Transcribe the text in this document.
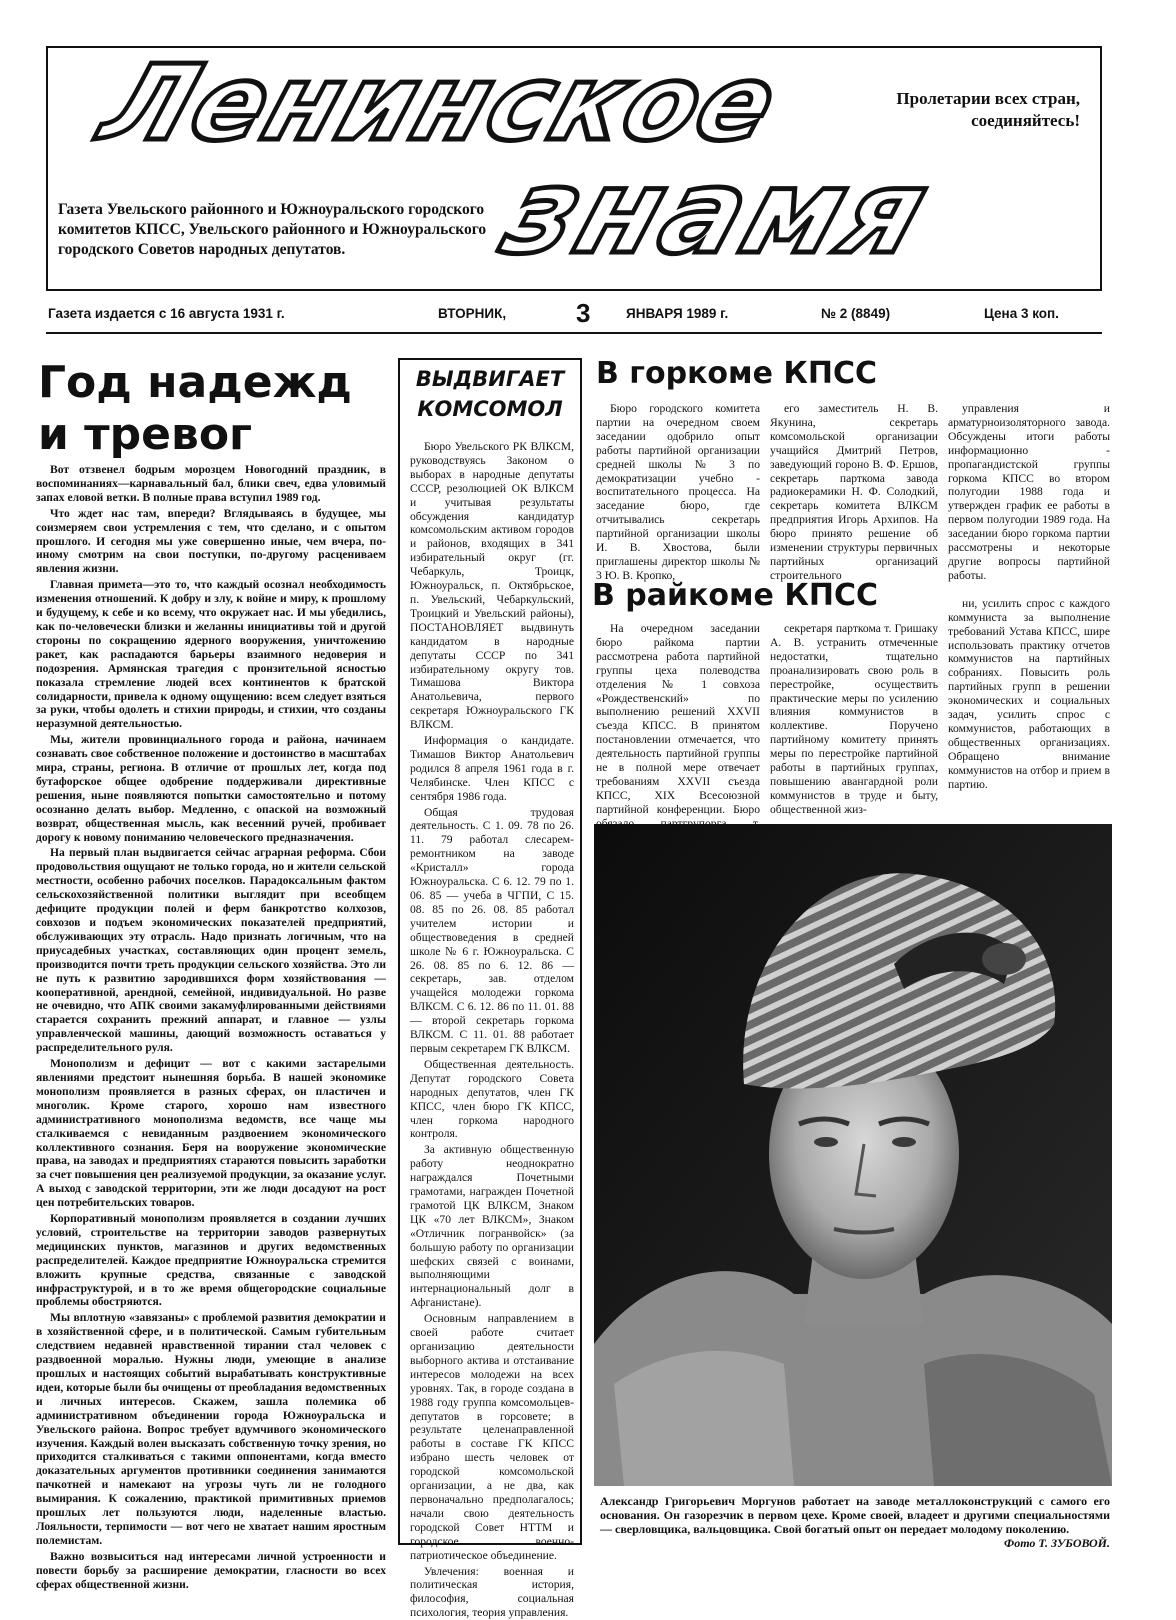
Ленинское
знамя
Пролетарии всех стран, соединяйтесь!
Газета Увельского районного и Южноуральского городского комитетов КПСС, Увельского районного и Южноуральского городского Советов народных депутатов.
Газета издается с 16 августа 1931 г.	ВТОРНИК,	3	ЯНВАРЯ 1989 г.	№ 2 (8849)	Цена 3 коп.
Год надежд и тревог

Вот отзвенел бодрым морозцем Новогодний праздник, в воспоминаниях—карнавальный бал, блики свеч, едва уловимый запах еловой ветки. В полные права вступил 1989 год.

Что ждет нас там, впереди? Вглядываясь в будущее, мы соизмеряем свои устремления с тем, что сделано, и с опытом прошлого. И сегодня мы уже совершенно иные, чем вчера, по-иному смотрим на свои поступки, по-другому расцениваем явления жизни.

Главная примета—это то, что каждый осознал необходимость изменения отношений. К добру и злу, к войне и миру, к прошлому и будущему, к себе и ко всему, что окружает нас. И мы убедились, как по-человечески близки и желанны инициативы той и другой стороны по сокращению ядерного вооружения, уничтожению ракет, как распадаются барьеры взаимного недоверия и подозрения. Армянская трагедия с пронзительной ясностью показала стремление людей всех континентов к братской солидарности, привела к одному ощущению: всем следует взяться за руки, чтобы одолеть и стихии природы, и стихии, что созданы неразумной деятельностью.

Мы, жители провинциального города и района, начинаем сознавать свое собственное положение и достоинство в масштабах мира, страны, региона. В отличие от прошлых лет, когда под бутафорское общее одобрение поддерживали директивные решения, ныне появляются попытки самостоятельно и потому осознанно делать выбор. Медленно, с опаской на возможный возврат, общественная мысль, как весенний ручей, пробивает дорогу к новому пониманию человеческого предназначения.

На первый план выдвигается сейчас аграрная реформа. Сбои продовольствия ощущают не только города, но и жители сельской местности, особенно рабочих поселков. Парадоксальным фактом сельскохозяйственной политики выглядит при всеобщем дефиците продукции полей и ферм банкротство колхозов, совхозов и подъем экономических показателей предприятий, обслуживающих эту отрасль. Надо признать логичным, что на приусадебных участках, составляющих один процент земель, производится почти треть продукции сельского хозяйства. Это ли не путь к развитию зародившихся форм хозяйствования — кооперативной, арендной, семейной, индивидуальной. Но разве не очевидно, что АПК своими закамуфлированными действиями старается сохранить прежний аппарат, и главное — узлы управленческой машины, дающий возможность оставаться у распределительного руля.

Монополизм и дефицит — вот с какими застарелыми явлениями предстоит нынешняя борьба. В нашей экономике монополизм проявляется в разных сферах, он пластичен и многолик. Кроме старого, хорошо нам известного административного монополизма ведомств, все чаще мы сталкиваемся с невиданным раздвоением экономического коллективного сознания. Беря на вооружение экономические права, на заводах и предприятиях стараются повысить заработки за счет повышения цен реализуемой продукции, за оказание услуг. А выход с заводской территории, эти же люди досадуют на рост цен потребительских товаров.

Корпоративный монополизм проявляется в создании лучших условий, строительстве на территории заводов развернутых медицинских пунктов, магазинов и других ведомственных распределителей. Каждое предприятие Южноуральска стремится вложить крупные средства, связанные с заводской инфраструктурой, и в то же время общегородские социальные проблемы обостряются.

Мы вплотную «завязаны» с проблемой развития демократии и в хозяйственной сфере, и в политической. Самым губительным следствием недавней нравственной тирании стал человек с раздвоенной моралью. Нужны люди, умеющие в анализе прошлых и настоящих событий вырабатывать конструктивные идеи, которые были бы очищены от преобладания ведомственных и личных интересов. Скажем, зашла полемика об административном объединении города Южноуральска и Увельского района. Вопрос требует вдумчивого экономического изучения. Каждый волен высказать собственную точку зрения, но приходится сталкиваться с такими оппонентами, когда вместо доказательных аргументов противники соединения занимаются пачкотней и намекают на угрозы чуть ли не голодного вымирания. К сожалению, практикой примитивных приемов прошлых лет пользуются люди, наделенные властью. Лояльности, терпимости — вот чего не хватает нашим яростным полемистам.

Важно возвыситься над интересами личной устроенности и повести борьбу за расширение демократии, гласности во всех сферах общественной жизни.

ВЫДВИГАЕТ КОМСОМОЛ

Бюро Увельского РК ВЛКСМ, руководствуясь Законом о выборах в народные депутаты СССР, резолюцией ОК ВЛКСМ и учитывая результаты обсуждения кандидатур комсомольским активом городов и районов, входящих в 341 избирательный округ (гг. Чебаркуль, Троицк, Южноуральск, п. Октябрьское, п. Увельский, Чебаркульский, Троицкий и Увельский районы), ПОСТАНОВЛЯЕТ выдвинуть кандидатом в народные депутаты СССР по 341 избирательному округу тов. Тимашова Виктора Анатольевича, первого секретаря Южноуральского ГК ВЛКСМ.

Информация о кандидате. Тимашов Виктор Анатольевич родился 8 апреля 1961 года в г. Челябинске. Член КПСС с сентября 1986 года.

Общая трудовая деятельность. С 1. 09. 78 по 26. 11. 79 работал слесарем-ремонтником на заводе «Кристалл» города Южноуральска. С 6. 12. 79 по 1. 06. 85 — учеба в ЧГПИ, С 15. 08. 85 по 26. 08. 85 работал учителем истории и обществоведения в средней школе № 6 г. Южноуральска. С 26. 08. 85 по 6. 12. 86 —секретарь, зав. отделом учащейся молодежи горкома ВЛКСМ. С 6. 12. 86 по 11. 01. 88— второй секретарь горкома ВЛКСМ. С 11. 01. 88 работает первым секретарем ГК ВЛКСМ.

Общественная деятельность. Депутат городского Совета народных депутатов, член ГК КПСС, член бюро ГК КПСС, член горкома народного контроля.

За активную общественную работу неоднократно награждался Почетными грамотами, награжден Почетной грамотой ЦК ВЛКСМ, Знаком ЦК «70 лет ВЛКСМ», Знаком «Отличник погранвойск» (за большую работу по организации шефских связей с воинами, выполняющими интернациональный долг в Афганистане).

Основным направлением в своей работе считает организацию деятельности выборного актива и отстаивание интересов молодежи на всех уровнях. Так, в городе создана в 1988 году группа комсомольцев-депутатов в горсовете; в результате целенаправленной работы в составе ГК КПСС избрано шесть человек от городской комсомольской организации, а не два, как первоначально предполагалось; начали свою деятельность городской Совет НТТМ и городское военно-патриотическое объединение.

Увлечения: военная и политическая история, философия, социальная психология, теория управления.

В горкоме КПСС

Бюро городского комитета партии на очередном своем заседании одобрило опыт работы партийной организации средней школы № 3 по демократизации учебно - воспитательного процесса. На заседание бюро, где отчитывались секретарь партийной организации школы И. В. Хвостова, были приглашены директор школы № 3 Ю. В. Кропко,

его заместитель Н. В. Якунина, секретарь комсомольской организации учащийся Дмитрий Петров, заведующий гороно В. Ф. Ершов, секретарь парткома завода радиокерамики Н. Ф. Солодкий, секретарь комитета ВЛКСМ предприятия Игорь Архипов. На бюро принято решение об изменении структуры первичных партийных организаций строительного

управления и арматурноизоляторного завода. Обсуждены итоги работы информационно - пропагандистской группы горкома КПСС во втором полугодии 1988 года и утвержден график ее работы в первом полугодии 1989 года. На заседании бюро горкома партии рассмотрены и некоторые другие вопросы партийной работы.

ни, усилить спрос с каждого коммуниста за выполнение требований Устава КПСС, шире использовать практику отчетов коммунистов на партийных собраниях. Повысить роль партийных групп в решении экономических и социальных задач, усилить спрос с коммунистов, работающих в общественных организациях. Обращено внимание коммунистов на отбор и прием в партию.

В райкоме КПСС

На очередном заседании бюро райкома партии рассмотрена работа партийной группы цеха полеводства отделения № 1 совхоза «Рождественский» по выполнению решений XXVII съезда КПСС. В принятом постановлении отмечается, что деятельность партийной группы не в полной мере отвечает требованиям XXVII съезда КПСС, XIX Всесоюзной партийной конференции. Бюро

секретаря парткома т. Гришаку А. В. устранить отмеченные недостатки, тщательно проанализировать свою роль в перестройке, осуществить практические меры по усилению влияния коммунистов в коллективе. Поручено партийному комитету принять меры по перестройке партийной работы в партийных группах, повышению авангардной роли коммунистов в труде и быту, общественной жиз-

Александр Григорьевич Моргунов работает на заводе металлоконструкций с самого его основания. Он газорезчик в первом цехе. Кроме своей, владеет и другими специальностями — сверловщика, вальцовщика. Свой богатый опыт он передает молодому поколению.
Фото Т. ЗУБОВОЙ.
